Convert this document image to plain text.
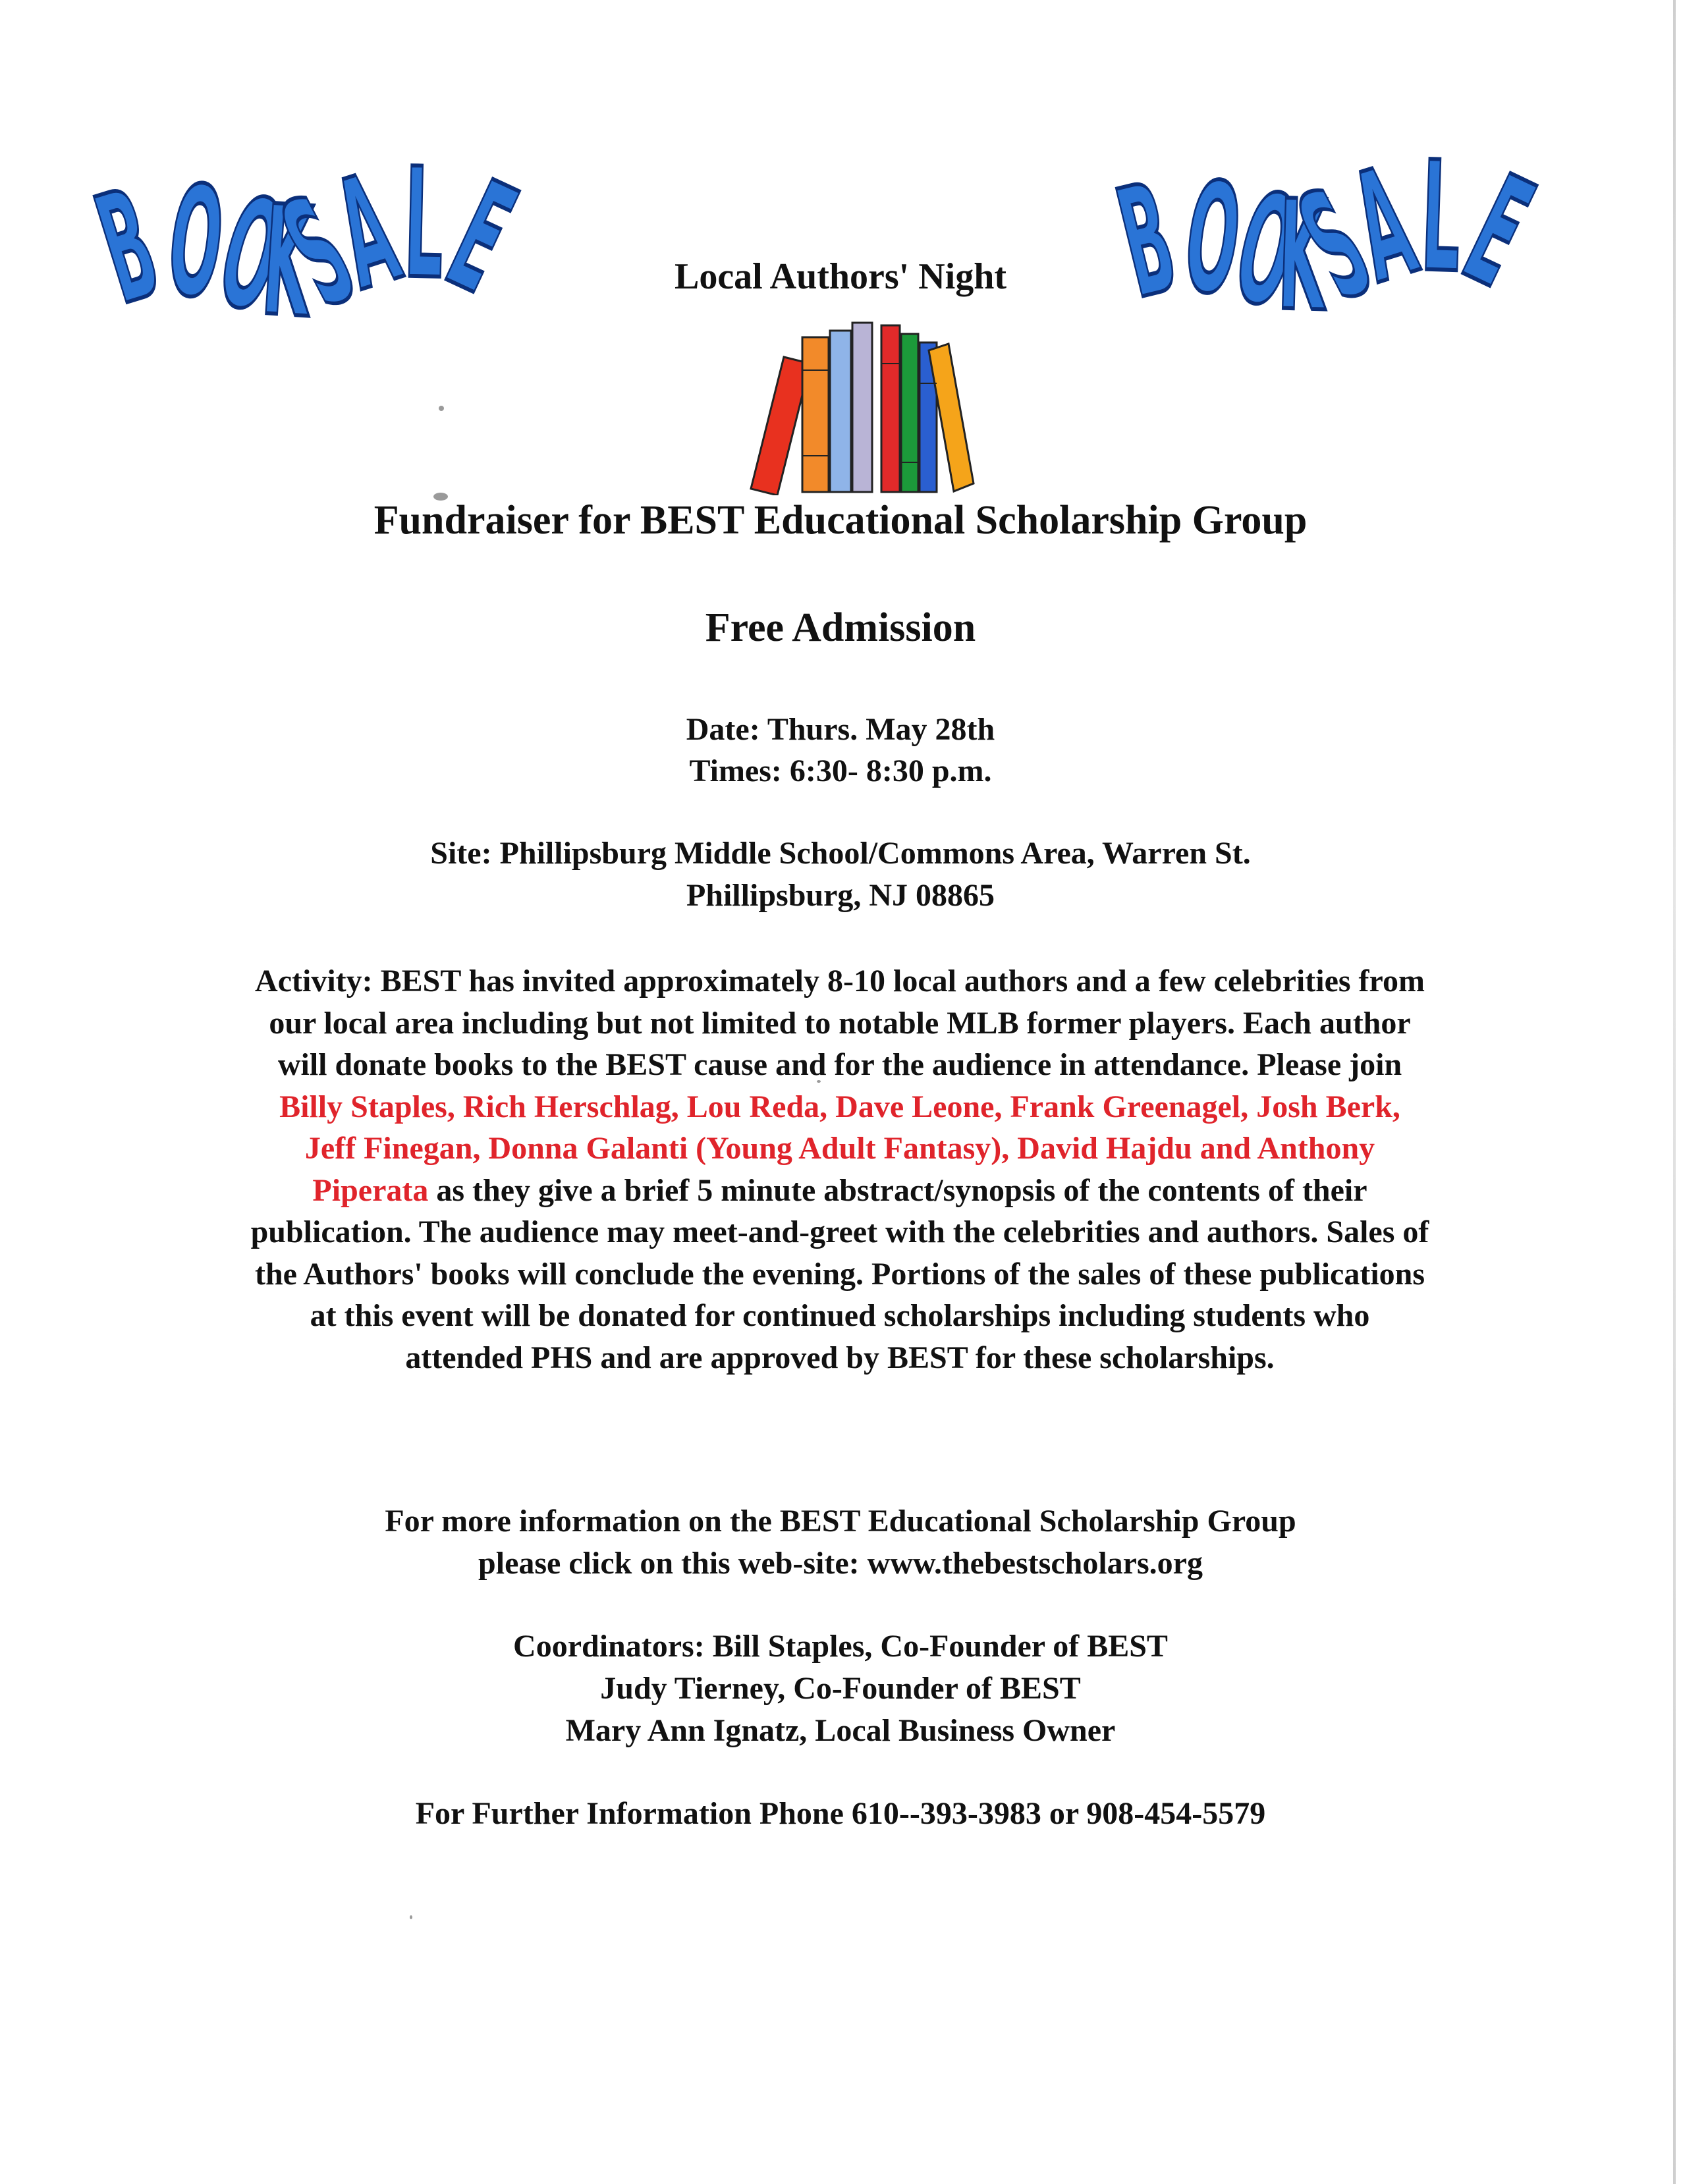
BOOK SALE	BOOK SALE
Local Authors' Night
Fundraiser for BEST Educational Scholarship Group
Free Admission
Date: Thurs. May 28th
Times: 6:30- 8:30 p.m.
Site: Phillipsburg Middle School/Commons Area, Warren St.
Phillipsburg, NJ 08865
Activity: BEST has invited approximately 8-10 local authors and a few celebrities from our local area including but not limited to notable MLB former players. Each author will donate books to the BEST cause and for the audience in attendance. Please join Billy Staples, Rich Herschlag, Lou Reda, Dave Leone, Frank Greenagel, Josh Berk, Jeff Finegan, Donna Galanti (Young Adult Fantasy), David Hajdu and Anthony Piperata as they give a brief 5 minute abstract/synopsis of the contents of their publication. The audience may meet-and-greet with the celebrities and authors. Sales of the Authors' books will conclude the evening. Portions of the sales of these publications at this event will be donated for continued scholarships including students who attended PHS and are approved by BEST for these scholarships.
For more information on the BEST Educational Scholarship Group
please click on this web-site: www.thebestscholars.org
Coordinators: Bill Staples, Co-Founder of BEST
Judy Tierney, Co-Founder of BEST
Mary Ann Ignatz, Local Business Owner
For Further Information Phone 610--393-3983 or 908-454-5579
